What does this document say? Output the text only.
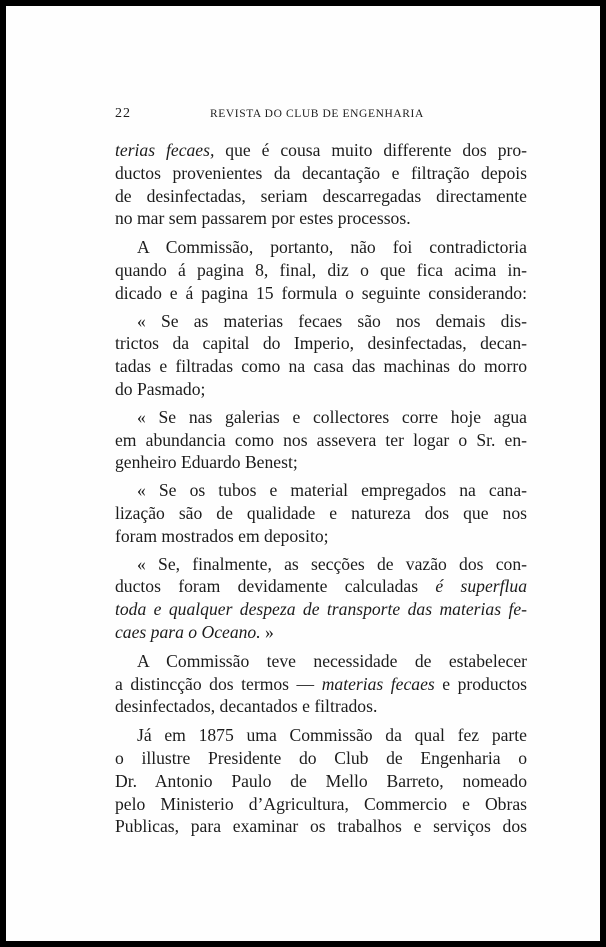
22	REVISTA DO CLUB DE ENGENHARIA
terias fecaes, que é cousa muito differente dos pro-
ductos provenientes da decantação e filtração depois
de desinfectadas, seriam descarregadas directamente
no mar sem passarem por estes processos.
A Commissão, portanto, não foi contradictoria
quando á pagina 8, final, diz o que fica acima in-
dicado e á pagina 15 formula o seguinte considerando:
« Se as materias fecaes são nos demais dis-
trictos da capital do Imperio, desinfectadas, decan-
tadas e filtradas como na casa das machinas do morro
do Pasmado;
« Se nas galerias e collectores corre hoje agua
em abundancia como nos assevera ter logar o Sr. en-
genheiro Eduardo Benest;
« Se os tubos e material empregados na cana-
lização são de qualidade e natureza dos que nos
foram mostrados em deposito;
« Se, finalmente, as secções de vazão dos con-
ductos foram devidamente calculadas é superflua
toda e qualquer despeza de transporte das materias fe-
caes para o Oceano. »
A Commissão teve necessidade de estabelecer
a distincção dos termos — materias fecaes e productos
desinfectados, decantados e filtrados.
Já em 1875 uma Commissão da qual fez parte
o illustre Presidente do Club de Engenharia o
Dr. Antonio Paulo de Mello Barreto, nomeado
pelo Ministerio d’Agricultura, Commercio e Obras
Publicas, para examinar os trabalhos e serviços dos
